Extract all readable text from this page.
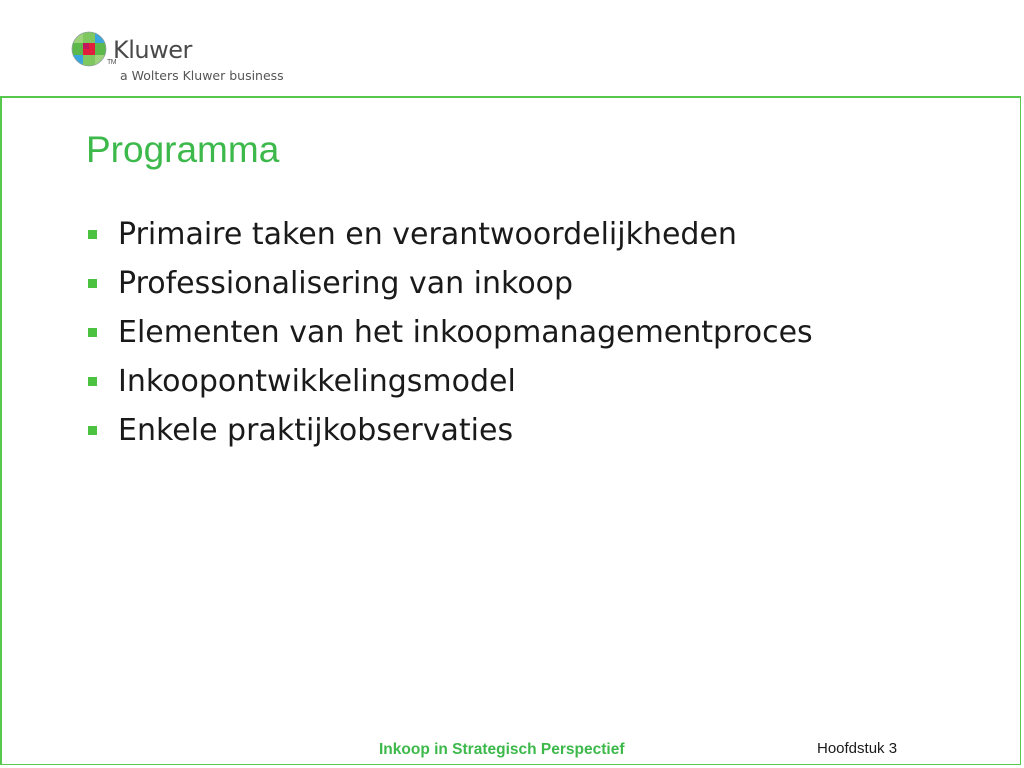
TM
Kluwer
a Wolters Kluwer business
Programma
Primaire taken en verantwoordelijkheden
Professionalisering van inkoop
Elementen van het inkoopmanagementproces
Inkoopontwikkelingsmodel
Enkele praktijkobservaties
Inkoop in Strategisch Perspectief	Hoofdstuk 3
